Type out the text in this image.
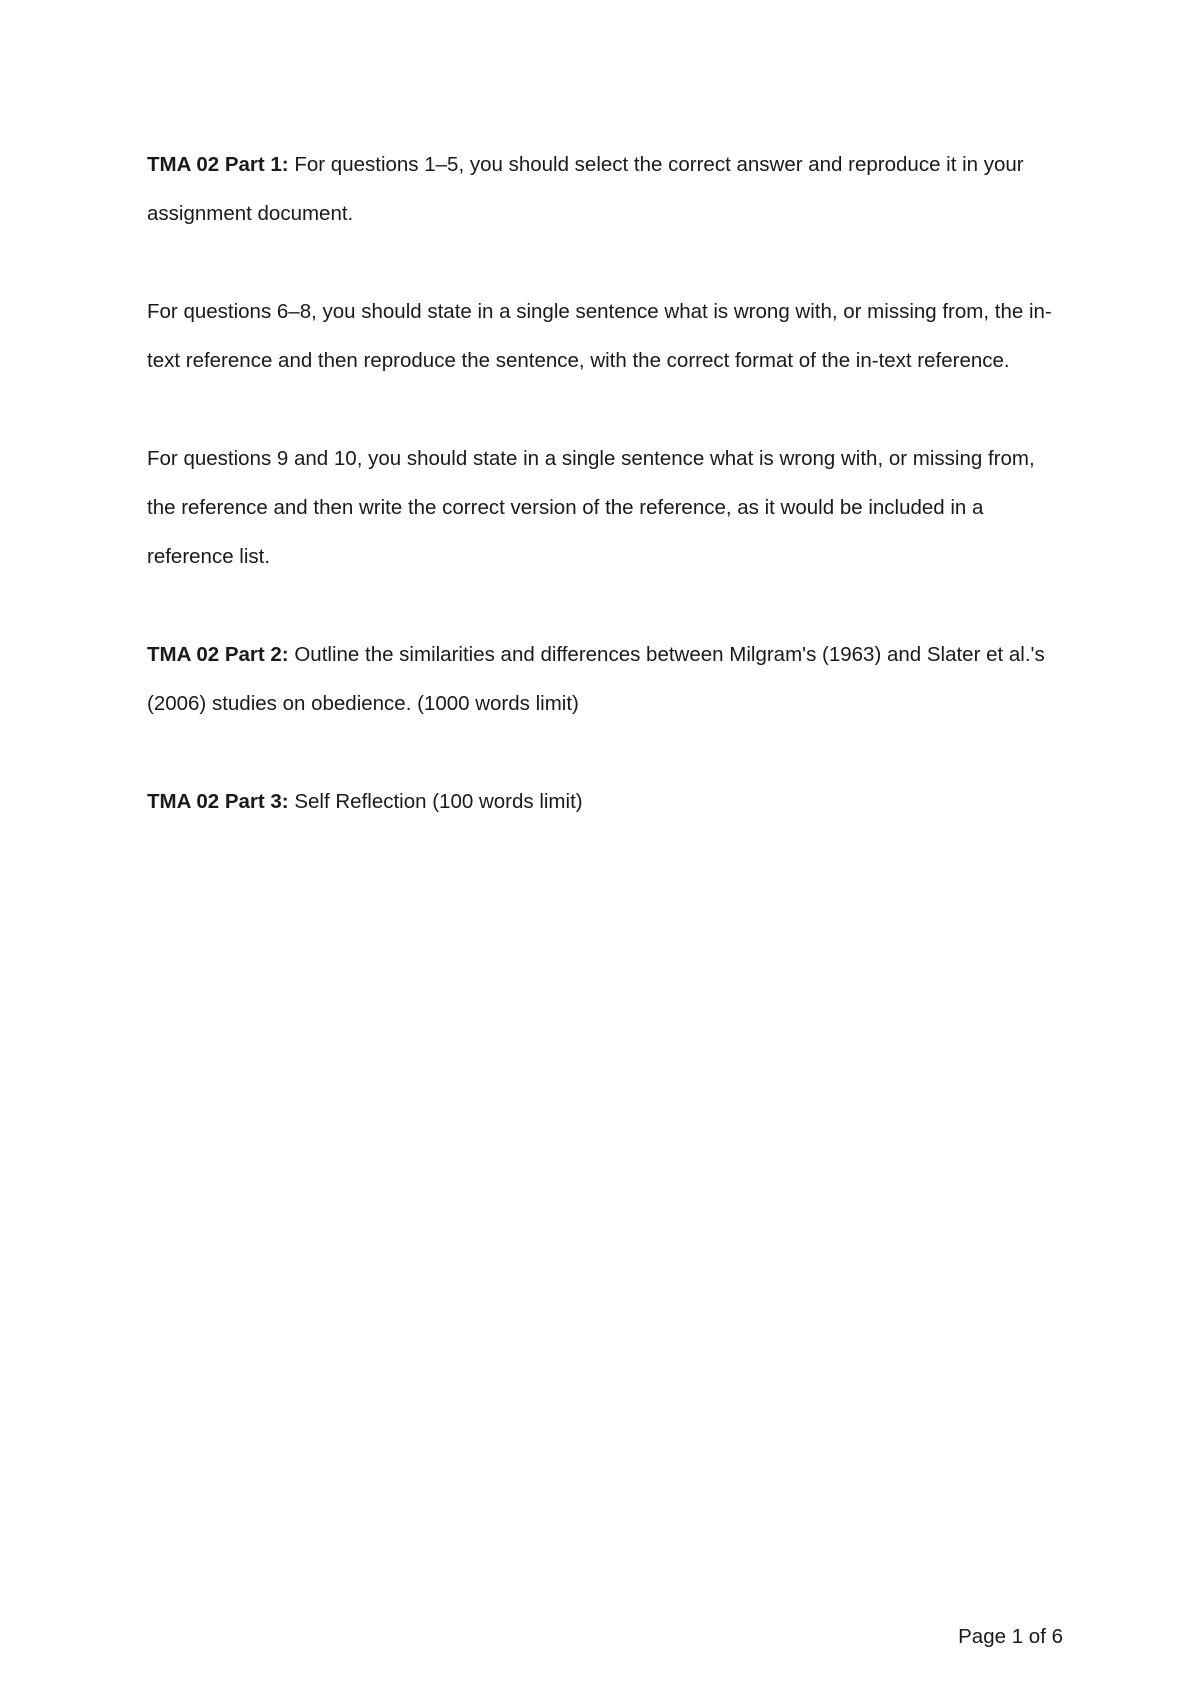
TMA 02 Part 1: For questions 1–5, you should select the correct answer and reproduce it in your assignment document.

For questions 6–8, you should state in a single sentence what is wrong with, or missing from, the in-text reference and then reproduce the sentence, with the correct format of the in-text reference.

For questions 9 and 10, you should state in a single sentence what is wrong with, or missing from, the reference and then write the correct version of the reference, as it would be included in a reference list.

TMA 02 Part 2: Outline the similarities and differences between Milgram's (1963) and Slater et al.'s (2006) studies on obedience. (1000 words limit)

TMA 02 Part 3: Self Reflection (100 words limit)

Page 1 of 6
